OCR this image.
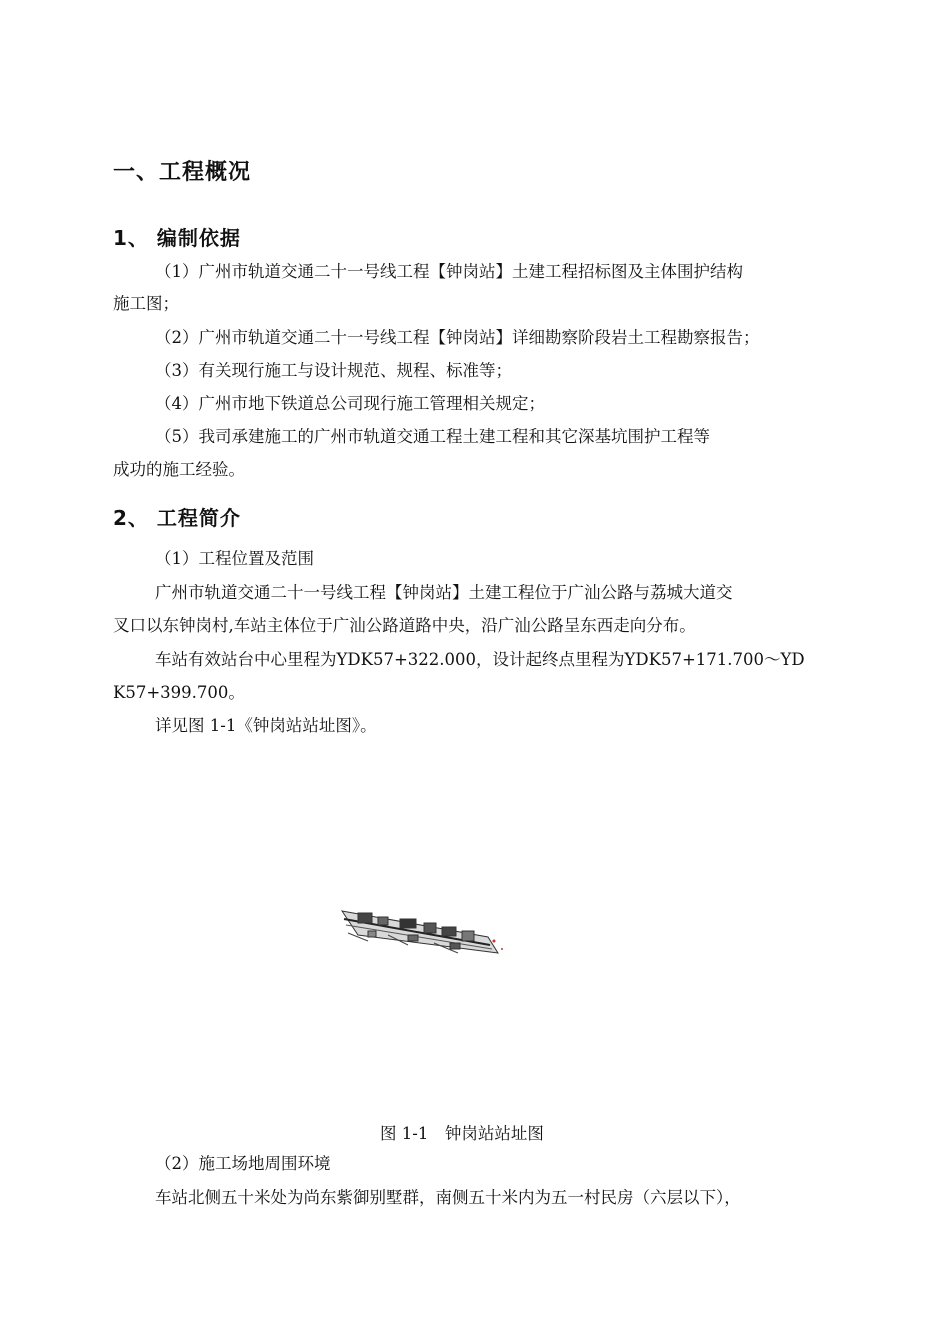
一、工程概况
1、 编制依据
（1）广州市轨道交通二十一号线工程【钟岗站】土建工程招标图及主体围护结构
施工图；
（2）广州市轨道交通二十一号线工程【钟岗站】详细勘察阶段岩土工程勘察报告；
（3）有关现行施工与设计规范、规程、标准等；
（4）广州市地下铁道总公司现行施工管理相关规定；
（5）我司承建施工的广州市轨道交通工程土建工程和其它深基坑围护工程等
成功的施工经验。
2、 工程简介
（1）工程位置及范围
广州市轨道交通二十一号线工程【钟岗站】土建工程位于广汕公路与荔城大道交
叉口以东钟岗村,车站主体位于广汕公路道路中央，沿广汕公路呈东西走向分布。
车站有效站台中心里程为YDK57+322.000，设计起终点里程为YDK57+171.700～YD
K57+399.700。
详见图 1-1《钟岗站站址图》。
图 1-1　钟岗站站址图
（2）施工场地周围环境
车站北侧五十米处为尚东紫御别墅群，南侧五十米内为五一村民房（六层以下），
